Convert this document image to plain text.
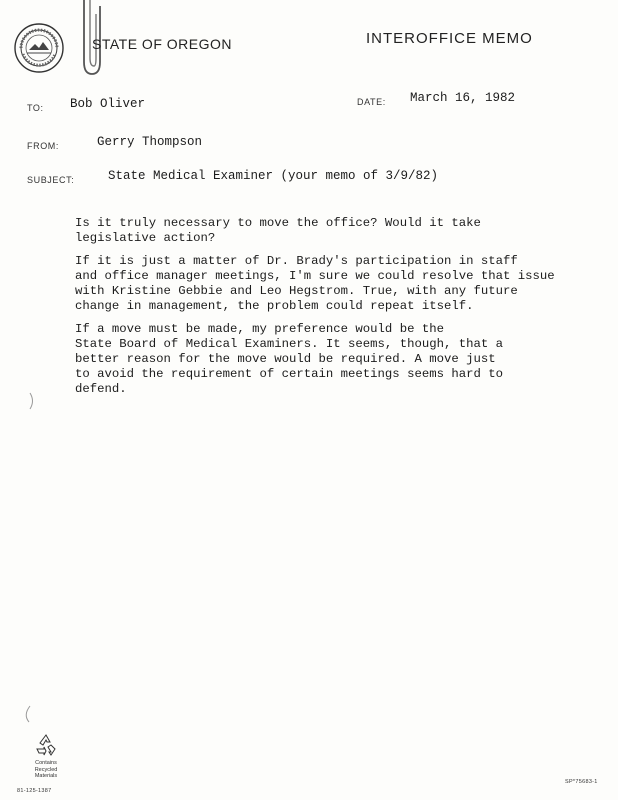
STATE OF OREGON	INTEROFFICE MEMO
TO: Bob Oliver	DATE: March 16, 1982
FROM:	Gerry Thompson
SUBJECT:	State Medical Examiner (your memo of 3/9/82)
Is it truly necessary to move the office? Would it take
legislative action?
If it is just a matter of Dr. Brady's participation in staff
and office manager meetings, I'm sure we could resolve that issue
with Kristine Gebbie and Leo Hegstrom. True, with any future
change in management, the problem could repeat itself.
If a move must be made, my preference would be the
State Board of Medical Examiners. It seems, though, that a
better reason for the move would be required. A move just
to avoid the requirement of certain meetings seems hard to
defend.
Contains
Recycled
Materials
81-125-1387
SP*75683-1
